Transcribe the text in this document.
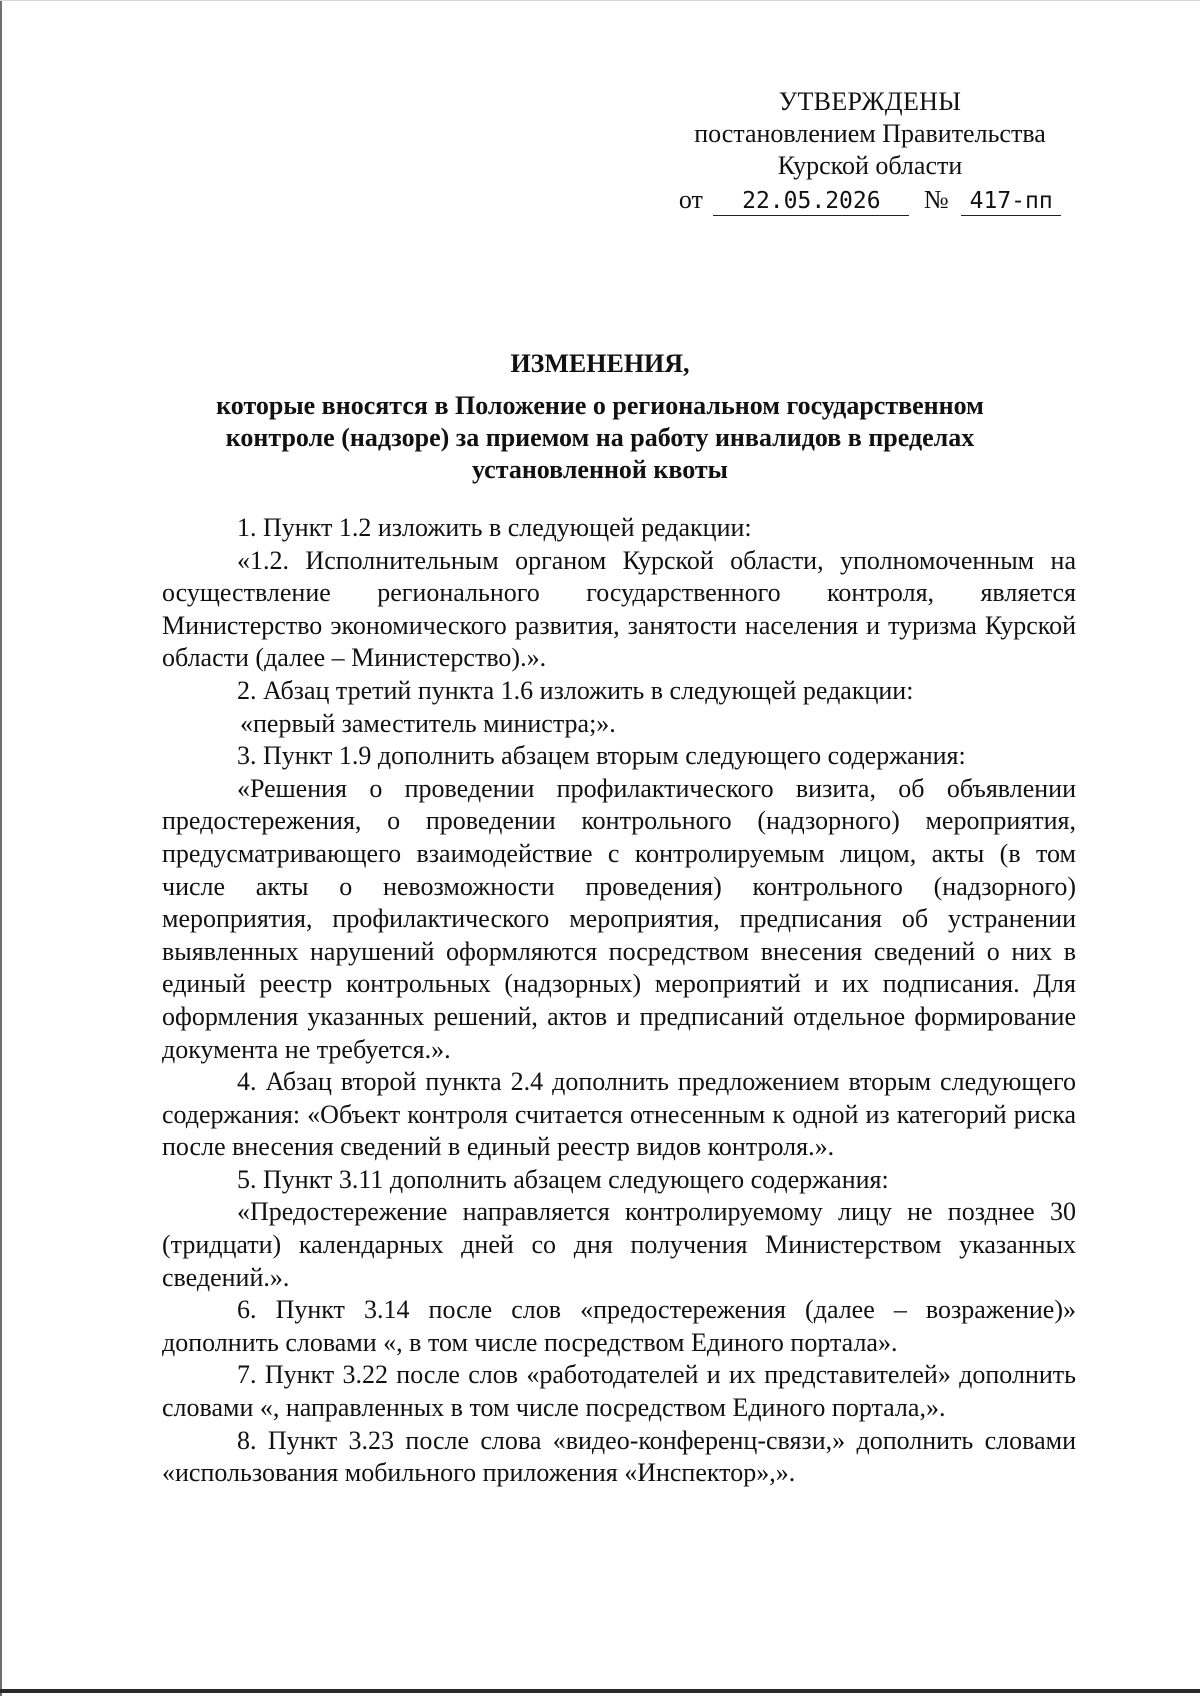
УТВЕРЖДЕНЫ
постановлением Правительства
Курской области
от 22.05.2026 № 417-пп
ИЗМЕНЕНИЯ,
которые вносятся в Положение о региональном государственном контроле (надзоре) за приемом на работу инвалидов в пределах установленной квоты

1. Пункт 1.2 изложить в следующей редакции:

«1.2. Исполнительным органом Курской области, уполномоченным на осуществление регионального государственного контроля, является Министерство экономического развития, занятости населения и туризма Курской области (далее – Министерство).».

2. Абзац третий пункта 1.6 изложить в следующей редакции:

«первый заместитель министра;».

3. Пункт 1.9 дополнить абзацем вторым следующего содержания:

«Решения о проведении профилактического визита, об объявлении предостережения, о проведении контрольного (надзорного) мероприятия, предусматривающего взаимодействие с контролируемым лицом, акты (в том числе акты о невозможности проведения) контрольного (надзорного) мероприятия, профилактического мероприятия, предписания об устранении выявленных нарушений оформляются посредством внесения сведений о них в единый реестр контрольных (надзорных) мероприятий и их подписания. Для оформления указанных решений, актов и предписаний отдельное формирование документа не требуется.».

4. Абзац второй пункта 2.4 дополнить предложением вторым следующего содержания: «Объект контроля считается отнесенным к одной из категорий риска после внесения сведений в единый реестр видов контроля.».

5. Пункт 3.11 дополнить абзацем следующего содержания:

«Предостережение направляется контролируемому лицу не позднее 30 (тридцати) календарных дней со дня получения Министерством указанных сведений.».

6. Пункт 3.14 после слов «предостережения (далее – возражение)» дополнить словами «, в том числе посредством Единого портала».

7. Пункт 3.22 после слов «работодателей и их представителей» дополнить словами «, направленных в том числе посредством Единого портала,».

8. Пункт 3.23 после слова «видео-конференц-связи,» дополнить словами «использования мобильного приложения «Инспектор»,».
